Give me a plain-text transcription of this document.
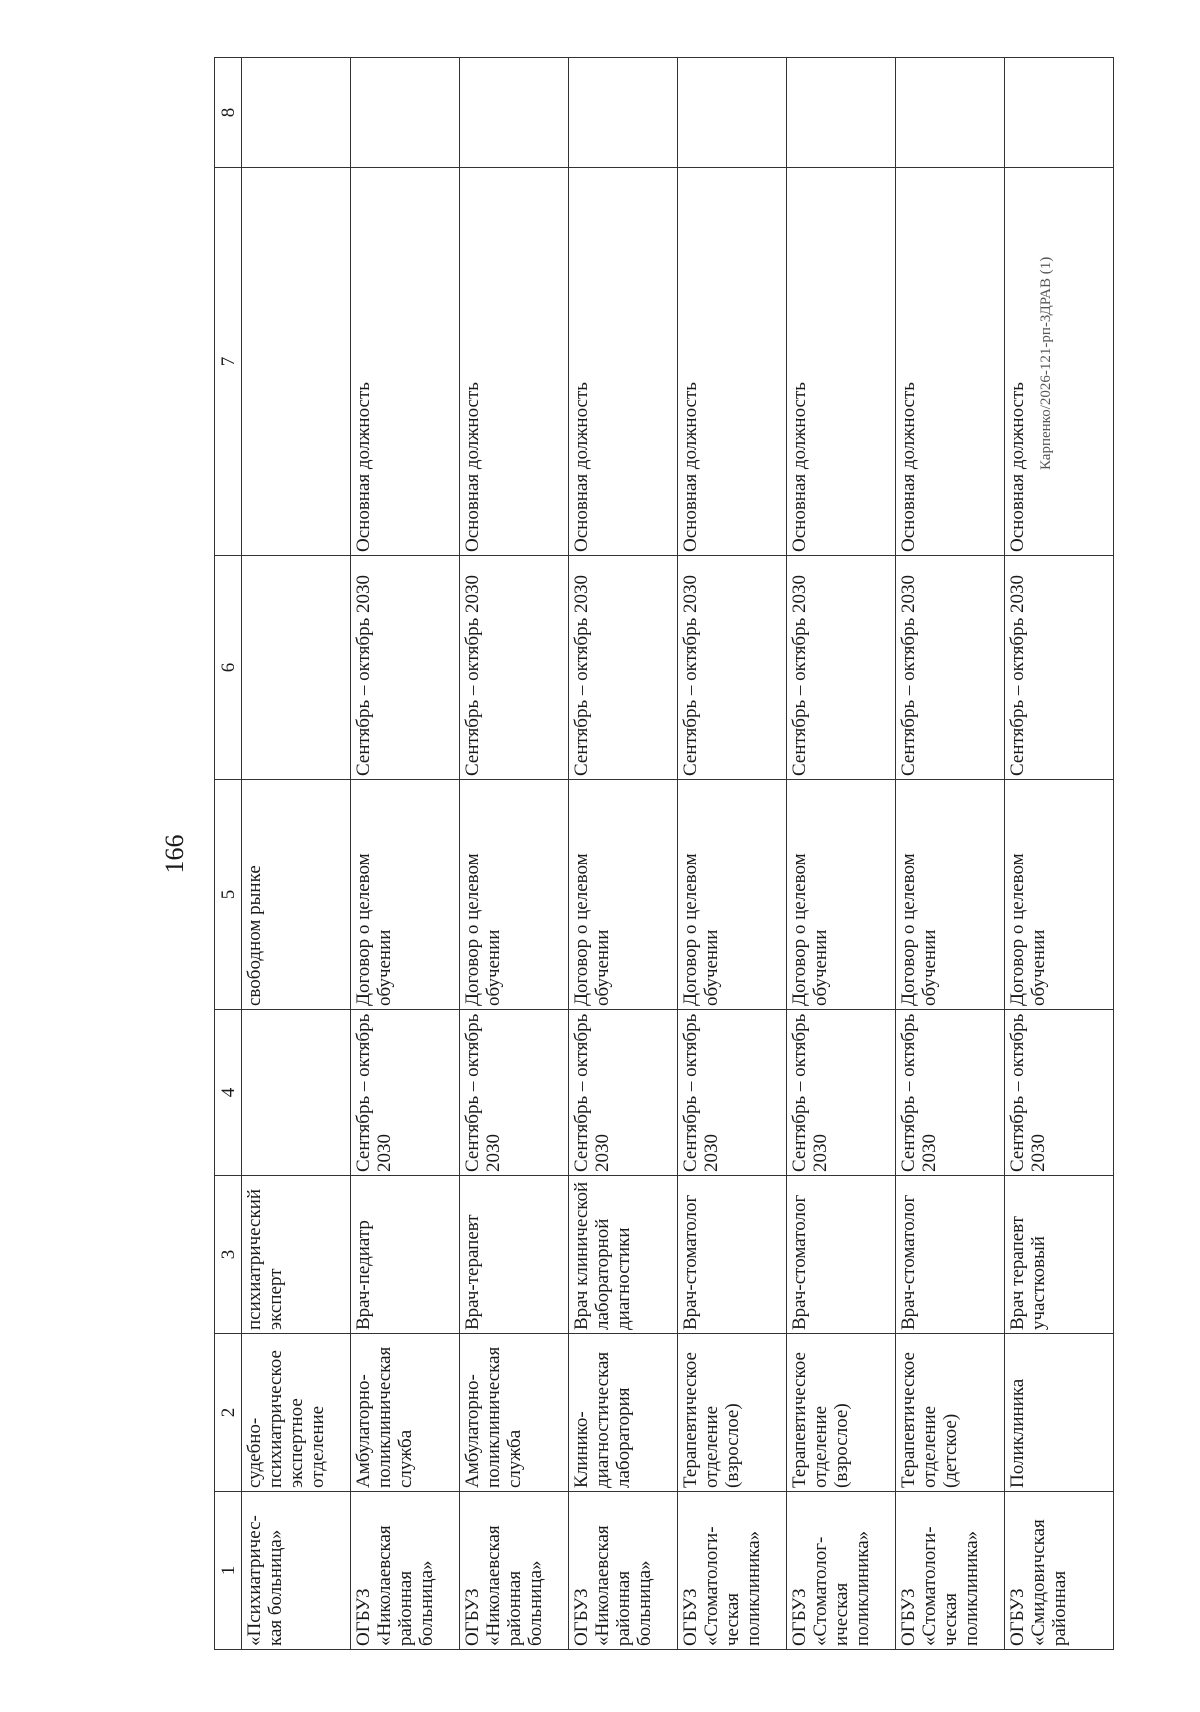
166
1	2	3	4	5	6	7	8
«Психиатричес-кая больница»	судебно-психиатрическое экспертное отделение	психиатрический эксперт		свободном рынке			
ОГБУЗ «Николаевская районная больница»	Амбулаторно-поликлиническая служба	Врач-педиатр	Сентябрь – октябрь 2030	Договор о целевом обучении	Сентябрь – октябрь 2030	Основная должность	
ОГБУЗ «Николаевская районная больница»	Амбулаторно-поликлиническая служба	Врач-терапевт	Сентябрь – октябрь 2030	Договор о целевом обучении	Сентябрь – октябрь 2030	Основная должность	
ОГБУЗ «Николаевская районная больница»	Клинико-диагностическая лаборатория	Врач клинической лабораторной диагностики	Сентябрь – октябрь 2030	Договор о целевом обучении	Сентябрь – октябрь 2030	Основная должность	
ОГБУЗ «Стоматологи-ческая поликлиника»	Терапевтическое отделение (взрослое)	Врач-стоматолог	Сентябрь – октябрь 2030	Договор о целевом обучении	Сентябрь – октябрь 2030	Основная должность	
ОГБУЗ «Стоматолог-ическая поликлиника»	Терапевтическое отделение (взрослое)	Врач-стоматолог	Сентябрь – октябрь 2030	Договор о целевом обучении	Сентябрь – октябрь 2030	Основная должность	
ОГБУЗ «Стоматологи-ческая поликлиника»	Терапевтическое отделение (детское)	Врач-стоматолог	Сентябрь – октябрь 2030	Договор о целевом обучении	Сентябрь – октябрь 2030	Основная должность	
ОГБУЗ «Смидовичская районная	Поликлиника	Врач терапевт участковый	Сентябрь – октябрь 2030	Договор о целевом обучении	Сентябрь – октябрь 2030	Основная должность	Карпенко/2026-121-рп-ЗДРАВ (1)
